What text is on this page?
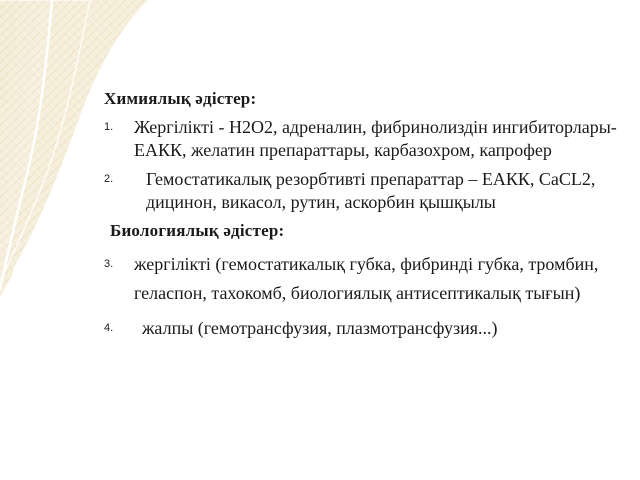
Химиялық әдістер:
1. Жергілікті - H2O2, адреналин, фибринолиздін ингибиторлары- ЕАКК, желатин препараттары, карбазохром, капрофер
2. Гемостатикалық резорбтивті препараттар – ЕАКК, CaCL2, дицинон, викасол, рутин, аскорбин қышқылы
Биологиялық әдістер:
3. жергілікті (гемостатикалық губка, фибринді губка, тромбин, геласпон, тахокомб, биологиялық антисептикалық тығын)
4. жалпы (гемотрансфузия, плазмотрансфузия...)
